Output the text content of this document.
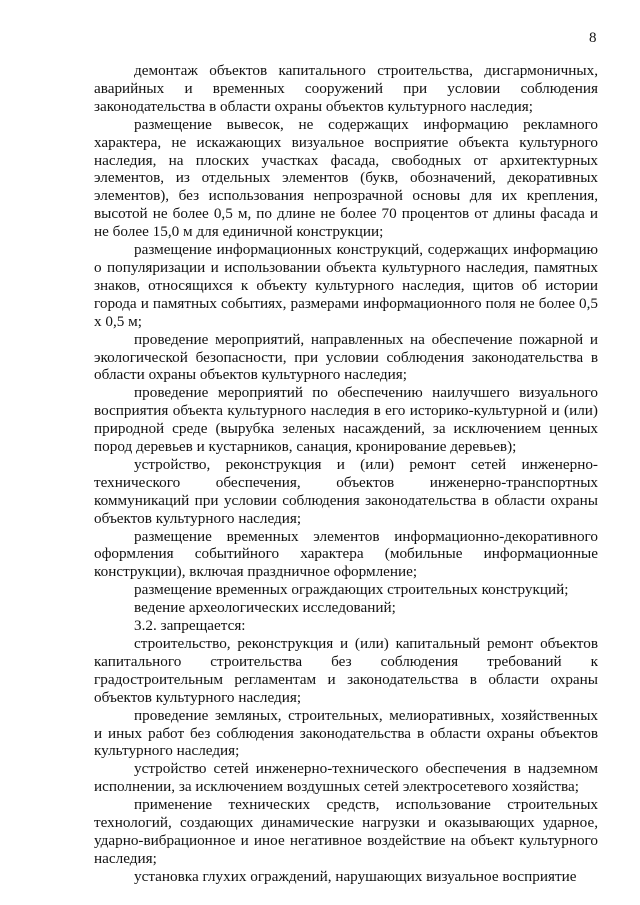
8

демонтаж объектов капитального строительства, дисгармоничных, аварийных и временных сооружений при условии соблюдения законодательства в области охраны объектов культурного наследия;

размещение вывесок, не содержащих информацию рекламного характера, не искажающих визуальное восприятие объекта культурного наследия, на плоских участках фасада, свободных от архитектурных элементов, из отдельных элементов (букв, обозначений, декоративных элементов), без использования непрозрачной основы для их крепления, высотой не более 0,5 м, по длине не более 70 процентов от длины фасада и не более 15,0 м для единичной конструкции;

размещение информационных конструкций, содержащих информацию о популяризации и использовании объекта культурного наследия, памятных знаков, относящихся к объекту культурного наследия, щитов об истории города и памятных событиях, размерами информационного поля не более 0,5 х 0,5 м;

проведение мероприятий, направленных на обеспечение пожарной и экологической безопасности, при условии соблюдения законодательства в области охраны объектов культурного наследия;

проведение мероприятий по обеспечению наилучшего визуального восприятия объекта культурного наследия в его историко-культурной и (или) природной среде (вырубка зеленых насаждений, за исключением ценных пород деревьев и кустарников, санация, кронирование деревьев);

устройство, реконструкция и (или) ремонт сетей инженерно-технического обеспечения, объектов инженерно-транспортных коммуникаций при условии соблюдения законодательства в области охраны объектов культурного наследия;

размещение временных элементов информационно-декоративного оформления событийного характера (мобильные информационные конструкции), включая праздничное оформление;

размещение временных ограждающих строительных конструкций;

ведение археологических исследований;

3.2. запрещается:

строительство, реконструкция и (или) капитальный ремонт объектов капитального строительства без соблюдения требований к градостроительным регламентам и законодательства в области охраны объектов культурного наследия;

проведение земляных, строительных, мелиоративных, хозяйственных и иных работ без соблюдения законодательства в области охраны объектов культурного наследия;

устройство сетей инженерно-технического обеспечения в надземном исполнении, за исключением воздушных сетей электросетевого хозяйства;

применение технических средств, использование строительных технологий, создающих динамические нагрузки и оказывающих ударное, ударно-вибрационное и иное негативное воздействие на объект культурного наследия;

установка глухих ограждений, нарушающих визуальное восприятие
